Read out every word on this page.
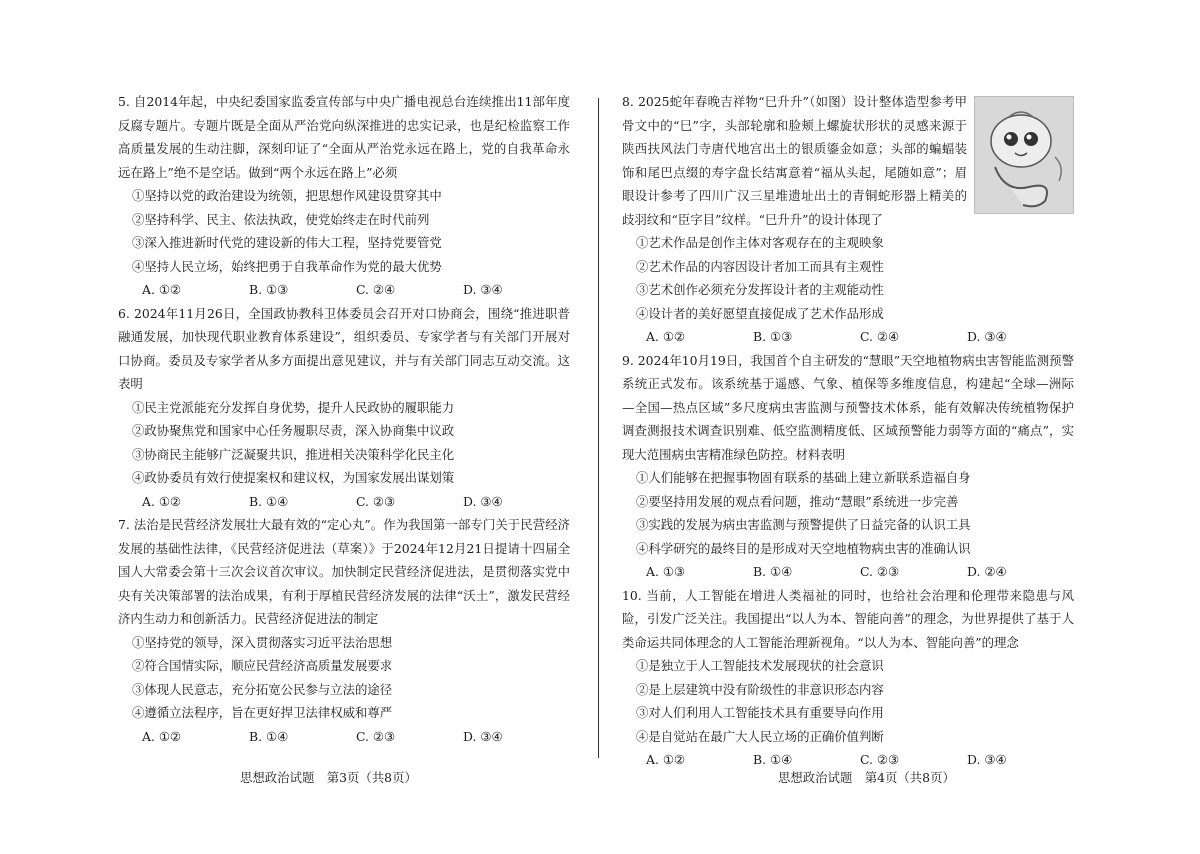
5. 自2014年起，中央纪委国家监委宣传部与中央广播电视总台连续推出11部年度反腐专题片。专题片既是全面从严治党向纵深推进的忠实记录，也是纪检监察工作高质量发展的生动注脚，深刻印证了“全面从严治党永远在路上，党的自我革命永远在路上”绝不是空话。做到“两个永远在路上”必须
①坚持以党的政治建设为统领，把思想作风建设贯穿其中
②坚持科学、民主、依法执政，使党始终走在时代前列
③深入推进新时代党的建设新的伟大工程，坚持党要管党
④坚持人民立场，始终把勇于自我革命作为党的最大优势
A. ①②	B. ①③	C. ②④	D. ③④
6. 2024年11月26日，全国政协教科卫体委员会召开对口协商会，围绕“推进职普融通发展，加快现代职业教育体系建设”，组织委员、专家学者与有关部门开展对口协商。委员及专家学者从多方面提出意见建议，并与有关部门同志互动交流。这表明
①民主党派能充分发挥自身优势，提升人民政协的履职能力
②政协聚焦党和国家中心任务履职尽责，深入协商集中议政
③协商民主能够广泛凝聚共识，推进相关决策科学化民主化
④政协委员有效行使提案权和建议权，为国家发展出谋划策
A. ①②	B. ①④	C. ②③	D. ③④
7. 法治是民营经济发展壮大最有效的“定心丸”。作为我国第一部专门关于民营经济发展的基础性法律，《民营经济促进法（草案）》于2024年12月21日提请十四届全国人大常委会第十三次会议首次审议。加快制定民营经济促进法，是贯彻落实党中央有关决策部署的法治成果，有利于厚植民营经济发展的法律“沃土”，激发民营经济内生动力和创新活力。民营经济促进法的制定
①坚持党的领导，深入贯彻落实习近平法治思想
②符合国情实际，顺应民营经济高质量发展要求
③体现人民意志，充分拓宽公民参与立法的途径
④遵循立法程序，旨在更好捍卫法律权威和尊严
A. ①②	B. ①④	C. ②③	D. ③④
8. 2025蛇年春晚吉祥物“巳升升”（如图）设计整体造型参考甲骨文中的“巳”字，头部轮廓和脸颊上螺旋状形状的灵感来源于陕西扶风法门寺唐代地宫出土的银质鎏金如意；头部的蝙蝠装饰和尾巴点缀的寿字盘长结寓意着“福从头起，尾随如意”；眉眼设计参考了四川广汉三星堆遗址出土的青铜蛇形器上精美的歧羽纹和“臣字目”纹样。“巳升升”的设计体现了
①艺术作品是创作主体对客观存在的主观映象
②艺术作品的内容因设计者加工而具有主观性
③艺术创作必须充分发挥设计者的主观能动性
④设计者的美好愿望直接促成了艺术作品形成
A. ①②	B. ①③	C. ②④	D. ③④
9. 2024年10月19日，我国首个自主研发的“慧眼”天空地植物病虫害智能监测预警系统正式发布。该系统基于遥感、气象、植保等多维度信息，构建起“全球—洲际—全国—热点区域”多尺度病虫害监测与预警技术体系，能有效解决传统植物保护调查测报技术调查识别难、低空监测精度低、区域预警能力弱等方面的“痛点”，实现大范围病虫害精准绿色防控。材料表明
①人们能够在把握事物固有联系的基础上建立新联系造福自身
②要坚持用发展的观点看问题，推动“慧眼”系统进一步完善
③实践的发展为病虫害监测与预警提供了日益完备的认识工具
④科学研究的最终目的是形成对天空地植物病虫害的准确认识
A. ①③	B. ①④	C. ②③	D. ②④
10. 当前，人工智能在增进人类福祉的同时，也给社会治理和伦理带来隐患与风险，引发广泛关注。我国提出“以人为本、智能向善”的理念，为世界提供了基于人类命运共同体理念的人工智能治理新视角。“以人为本、智能向善”的理念
①是独立于人工智能技术发展现状的社会意识
②是上层建筑中没有阶级性的非意识形态内容
③对人们利用人工智能技术具有重要导向作用
④是自觉站在最广大人民立场的正确价值判断
A. ①②	B. ①④	C. ②③	D. ③④
思想政治试题　第3页（共8页）	思想政治试题　第4页（共8页）
